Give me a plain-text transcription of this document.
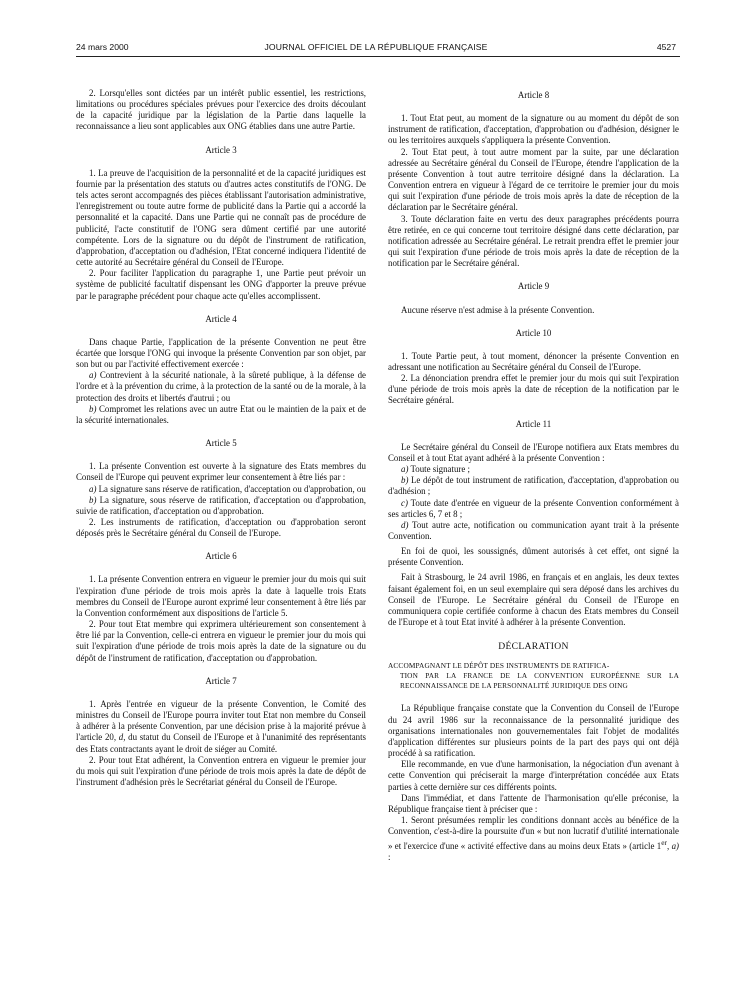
24 mars 2000	JOURNAL OFFICIEL DE LA RÉPUBLIQUE FRANÇAISE	4527

2. Lorsqu'elles sont dictées par un intérêt public essentiel, les restrictions, limitations ou procédures spéciales prévues pour l'exercice des droits découlant de la capacité juridique par la législation de la Partie dans laquelle la reconnaissance a lieu sont applicables aux ONG établies dans une autre Partie.

Article 3

1. La preuve de l'acquisition de la personnalité et de la capacité juridiques est fournie par la présentation des statuts ou d'autres actes constitutifs de l'ONG. De tels actes seront accompagnés des pièces établissant l'autorisation administrative, l'enregistrement ou toute autre forme de publicité dans la Partie qui a accordé la personnalité et la capacité. Dans une Partie qui ne connaît pas de procédure de publicité, l'acte constitutif de l'ONG sera dûment certifié par une autorité compétente. Lors de la signature ou du dépôt de l'instrument de ratification, d'approbation, d'acceptation ou d'adhésion, l'Etat concerné indiquera l'identité de cette autorité au Secrétaire général du Conseil de l'Europe.

2. Pour faciliter l'application du paragraphe 1, une Partie peut prévoir un système de publicité facultatif dispensant les ONG d'apporter la preuve prévue par le paragraphe précédent pour chaque acte qu'elles accomplissent.

Article 4

Dans chaque Partie, l'application de la présente Convention ne peut être écartée que lorsque l'ONG qui invoque la présente Convention par son objet, par son but ou par l'activité effectivement exercée :

a) Contrevient à la sécurité nationale, à la sûreté publique, à la défense de l'ordre et à la prévention du crime, à la protection de la santé ou de la morale, à la protection des droits et libertés d'autrui ; ou

b) Compromet les relations avec un autre Etat ou le maintien de la paix et de la sécurité internationales.

Article 5

1. La présente Convention est ouverte à la signature des Etats membres du Conseil de l'Europe qui peuvent exprimer leur consentement à être liés par :

a) La signature sans réserve de ratification, d'acceptation ou d'approbation, ou

b) La signature, sous réserve de ratification, d'acceptation ou d'approbation, suivie de ratification, d'acceptation ou d'approbation.

2. Les instruments de ratification, d'acceptation ou d'approbation seront déposés près le Secrétaire général du Conseil de l'Europe.

Article 6

1. La présente Convention entrera en vigueur le premier jour du mois qui suit l'expiration d'une période de trois mois après la date à laquelle trois Etats membres du Conseil de l'Europe auront exprimé leur consentement à être liés par la Convention conformément aux dispositions de l'article 5.

2. Pour tout Etat membre qui exprimera ultérieurement son consentement à être lié par la Convention, celle-ci entrera en vigueur le premier jour du mois qui suit l'expiration d'une période de trois mois après la date de la signature ou du dépôt de l'instrument de ratification, d'acceptation ou d'approbation.

Article 7

1. Après l'entrée en vigueur de la présente Convention, le Comité des ministres du Conseil de l'Europe pourra inviter tout Etat non membre du Conseil à adhérer à la présente Convention, par une décision prise à la majorité prévue à l'article 20, d, du statut du Conseil de l'Europe et à l'unanimité des représentants des Etats contractants ayant le droit de siéger au Comité.

2. Pour tout Etat adhérent, la Convention entrera en vigueur le premier jour du mois qui suit l'expiration d'une période de trois mois après la date de dépôt de l'instrument d'adhésion près le Secrétariat général du Conseil de l'Europe.

Article 8

1. Tout Etat peut, au moment de la signature ou au moment du dépôt de son instrument de ratification, d'acceptation, d'approbation ou d'adhésion, désigner le ou les territoires auxquels s'appliquera la présente Convention.

2. Tout Etat peut, à tout autre moment par la suite, par une déclaration adressée au Secrétaire général du Conseil de l'Europe, étendre l'application de la présente Convention à tout autre territoire désigné dans la déclaration. La Convention entrera en vigueur à l'égard de ce territoire le premier jour du mois qui suit l'expiration d'une période de trois mois après la date de réception de la déclaration par le Secrétaire général.

3. Toute déclaration faite en vertu des deux paragraphes précédents pourra être retirée, en ce qui concerne tout territoire désigné dans cette déclaration, par notification adressée au Secrétaire général. Le retrait prendra effet le premier jour qui suit l'expiration d'une période de trois mois après la date de réception de la notification par le Secrétaire général.

Article 9

Aucune réserve n'est admise à la présente Convention.

Article 10

1. Toute Partie peut, à tout moment, dénoncer la présente Convention en adressant une notification au Secrétaire général du Conseil de l'Europe.

2. La dénonciation prendra effet le premier jour du mois qui suit l'expiration d'une période de trois mois après la date de réception de la notification par le Secrétaire général.

Article 11

Le Secrétaire général du Conseil de l'Europe notifiera aux Etats membres du Conseil et à tout Etat ayant adhéré à la présente Convention :

a) Toute signature ;

b) Le dépôt de tout instrument de ratification, d'acceptation, d'approbation ou d'adhésion ;

c) Toute date d'entrée en vigueur de la présente Convention conformément à ses articles 6, 7 et 8 ;

d) Tout autre acte, notification ou communication ayant trait à la présente Convention.

En foi de quoi, les soussignés, dûment autorisés à cet effet, ont signé la présente Convention.

Fait à Strasbourg, le 24 avril 1986, en français et en anglais, les deux textes faisant également foi, en un seul exemplaire qui sera déposé dans les archives du Conseil de l'Europe. Le Secrétaire général du Conseil de l'Europe en communiquera copie certifiée conforme à chacun des Etats membres du Conseil de l'Europe et à tout Etat invité à adhérer à la présente Convention.

DÉCLARATION

ACCOMPAGNANT LE DÉPÔT DES INSTRUMENTS DE RATIFICA-
TION PAR LA FRANCE DE LA CONVENTION EUROPÉENNE SUR LA RECONNAISSANCE DE LA PERSONNALITÉ JURIDIQUE DES OING

La République française constate que la Convention du Conseil de l'Europe du 24 avril 1986 sur la reconnaissance de la personnalité juridique des organisations internationales non gouvernementales fait l'objet de modalités d'application différentes sur plusieurs points de la part des pays qui ont déjà procédé à sa ratification.

Elle recommande, en vue d'une harmonisation, la négociation d'un avenant à cette Convention qui préciserait la marge d'interprétation concédée aux Etats parties à cette dernière sur ces différents points.

Dans l'immédiat, et dans l'attente de l'harmonisation qu'elle préconise, la République française tient à préciser que :

1. Seront présumées remplir les conditions donnant accès au bénéfice de la Convention, c'est-à-dire la poursuite d'un « but non lucratif d'utilité internationale » et l'exercice d'une « activité effective dans au moins deux Etats » (article 1er, a) :
